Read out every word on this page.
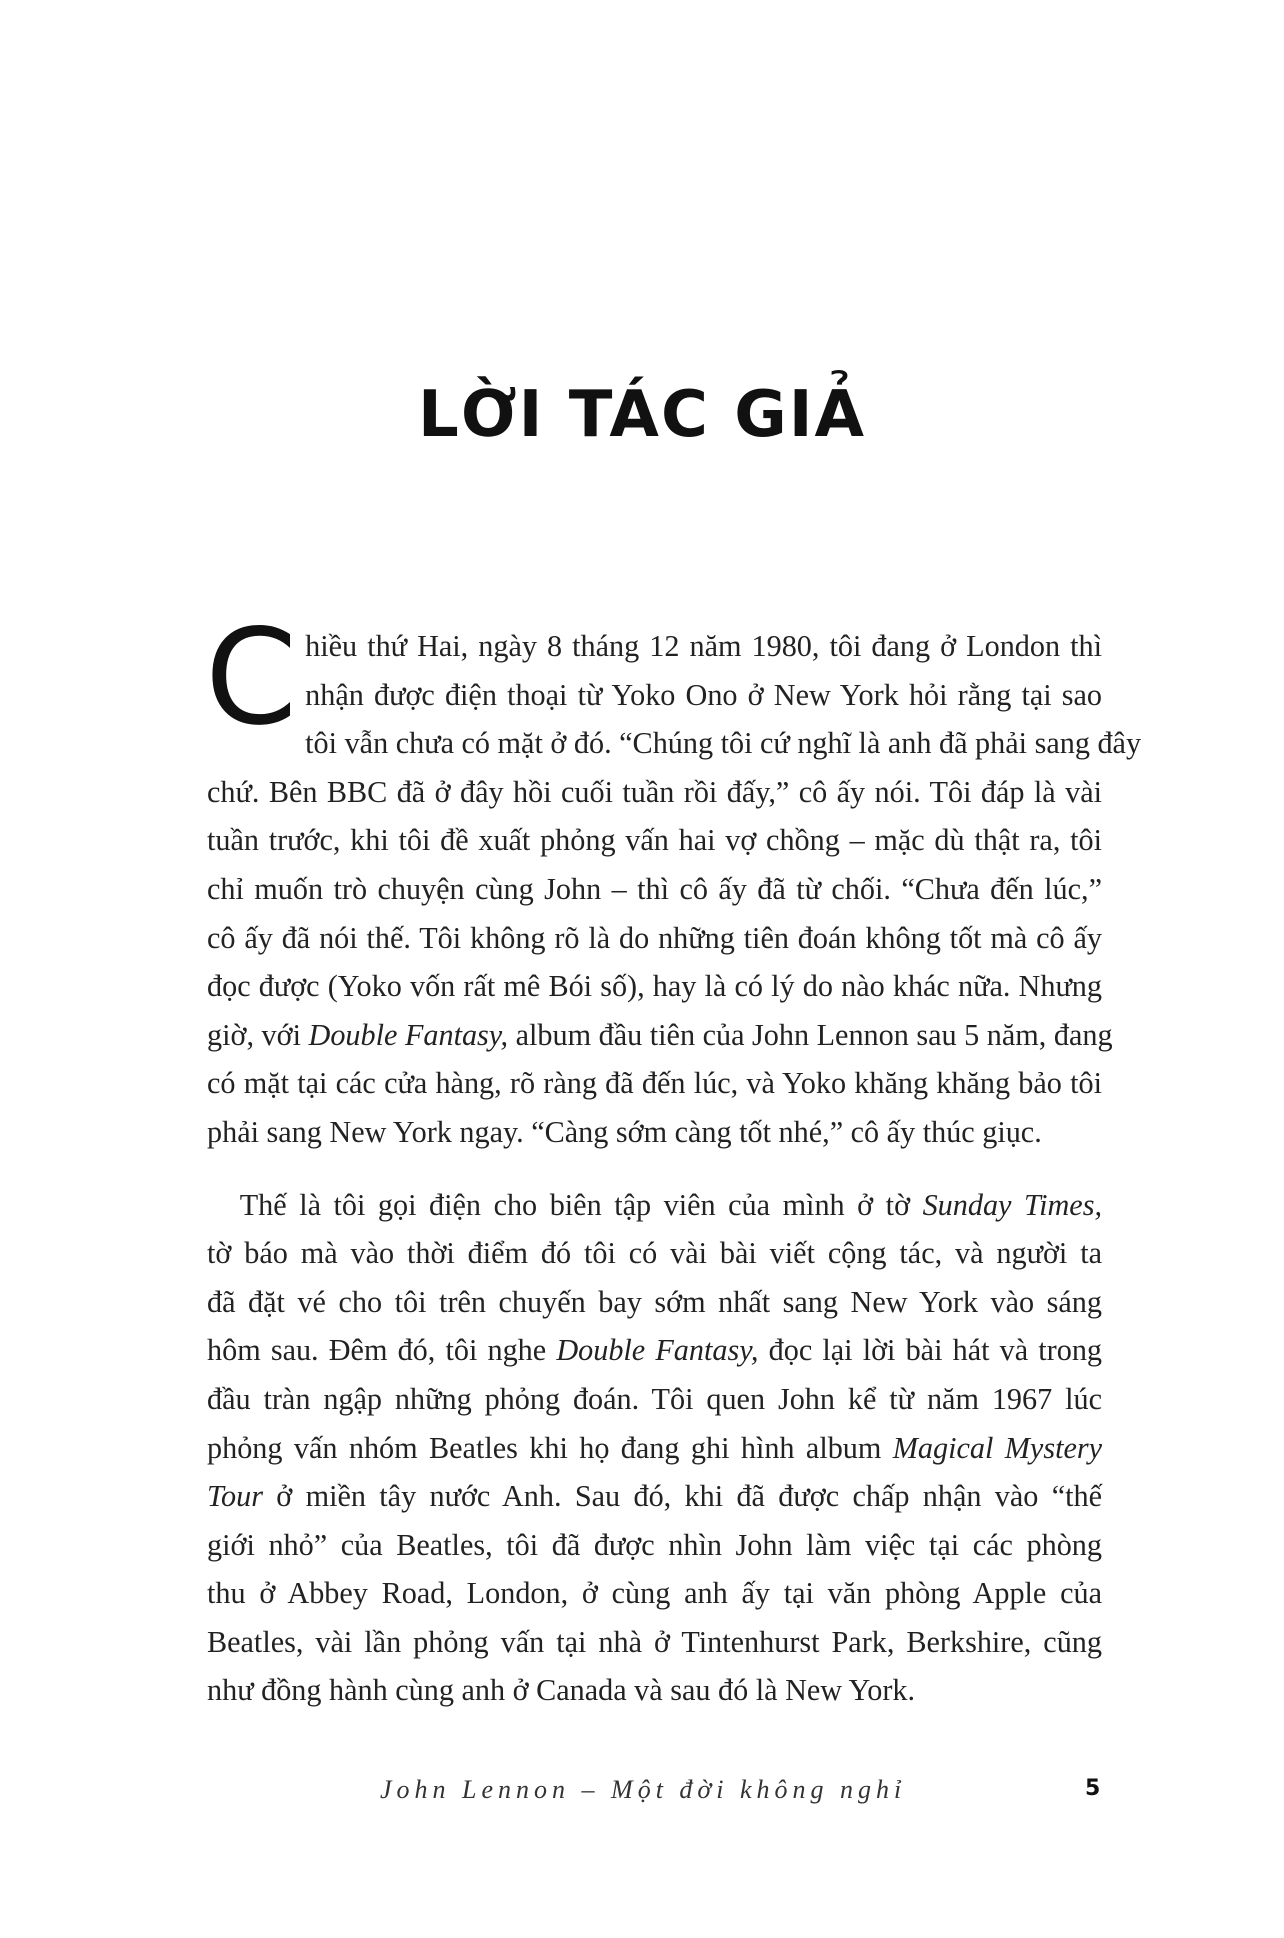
LỜI TÁC GIẢ
C hiều thứ Hai, ngày 8 tháng 12 năm 1980, tôi đang ở London thì
nhận được điện thoại từ Yoko Ono ở New York hỏi rằng tại sao
tôi vẫn chưa có mặt ở đó. “Chúng tôi cứ nghĩ là anh đã phải sang đây
chứ. Bên BBC đã ở đây hồi cuối tuần rồi đấy,” cô ấy nói. Tôi đáp là vài
tuần trước, khi tôi đề xuất phỏng vấn hai vợ chồng – mặc dù thật ra, tôi
chỉ muốn trò chuyện cùng John – thì cô ấy đã từ chối. “Chưa đến lúc,”
cô ấy đã nói thế. Tôi không rõ là do những tiên đoán không tốt mà cô ấy
đọc được (Yoko vốn rất mê Bói số), hay là có lý do nào khác nữa. Nhưng
giờ, với Double Fantasy, album đầu tiên của John Lennon sau 5 năm, đang
có mặt tại các cửa hàng, rõ ràng đã đến lúc, và Yoko khăng khăng bảo tôi
phải sang New York ngay. “Càng sớm càng tốt nhé,” cô ấy thúc giục.
  Thế là tôi gọi điện cho biên tập viên của mình ở tờ Sunday Times,
tờ báo mà vào thời điểm đó tôi có vài bài viết cộng tác, và người ta
đã đặt vé cho tôi trên chuyến bay sớm nhất sang New York vào sáng
hôm sau. Đêm đó, tôi nghe Double Fantasy, đọc lại lời bài hát và trong
đầu tràn ngập những phỏng đoán. Tôi quen John kể từ năm 1967 lúc
phỏng vấn nhóm Beatles khi họ đang ghi hình album Magical Mystery
Tour ở miền tây nước Anh. Sau đó, khi đã được chấp nhận vào “thế
giới nhỏ” của Beatles, tôi đã được nhìn John làm việc tại các phòng
thu ở Abbey Road, London, ở cùng anh ấy tại văn phòng Apple của
Beatles, vài lần phỏng vấn tại nhà ở Tintenhurst Park, Berkshire, cũng
như đồng hành cùng anh ở Canada và sau đó là New York.
John Lennon – Một đời không nghỉ	5
